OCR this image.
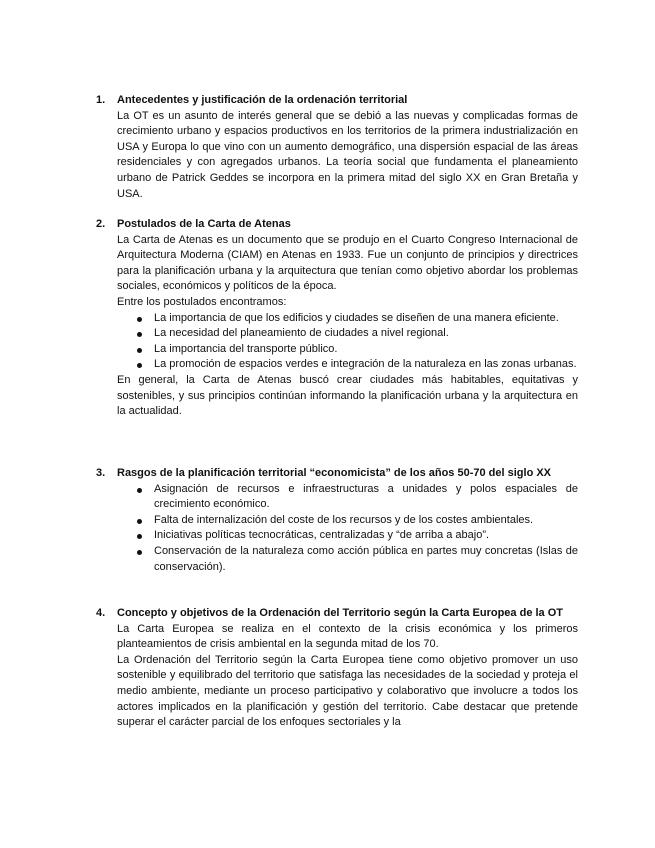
1. Antecedentes y justificación de la ordenación territorial

La OT es un asunto de interés general que se debió a las nuevas y complicadas formas de crecimiento urbano y espacios productivos en los territorios de la primera industrialización en USA y Europa lo que vino con un aumento demográfico, una dispersión espacial de las áreas residenciales y con agregados urbanos. La teoría social que fundamenta el planeamiento urbano de Patrick Geddes se incorpora en la primera mitad del siglo XX en Gran Bretaña y USA.

2. Postulados de la Carta de Atenas

La Carta de Atenas es un documento que se produjo en el Cuarto Congreso Internacional de Arquitectura Moderna (CIAM) en Atenas en 1933. Fue un conjunto de principios y directrices para la planificación urbana y la arquitectura que tenían como objetivo abordar los problemas sociales, económicos y políticos de la época.

Entre los postulados encontramos:

La importancia de que los edificios y ciudades se diseñen de una manera eficiente.
La necesidad del planeamiento de ciudades a nivel regional.
La importancia del transporte público.
La promoción de espacios verdes e integración de la naturaleza en las zonas urbanas.

En general, la Carta de Atenas buscó crear ciudades más habitables, equitativas y sostenibles, y sus principios continúan informando la planificación urbana y la arquitectura en la actualidad.

3. Rasgos de la planificación territorial “economicista” de los años 50-70 del siglo XX
Asignación de recursos e infraestructuras a unidades y polos espaciales de crecimiento económico.
Falta de internalización del coste de los recursos y de los costes ambientales.
Iniciativas políticas tecnocráticas, centralizadas y “de arriba a abajo”.
Conservación de la naturaleza como acción pública en partes muy concretas (Islas de conservación).
4. Concepto y objetivos de la Ordenación del Territorio según la Carta Europea de la OT

La Carta Europea se realiza en el contexto de la crisis económica y los primeros planteamientos de crisis ambiental en la segunda mitad de los 70.

La Ordenación del Territorio según la Carta Europea tiene como objetivo promover un uso sostenible y equilibrado del territorio que satisfaga las necesidades de la sociedad y proteja el medio ambiente, mediante un proceso participativo y colaborativo que involucre a todos los actores implicados en la planificación y gestión del territorio. Cabe destacar que pretende superar el carácter parcial de los enfoques sectoriales y la
